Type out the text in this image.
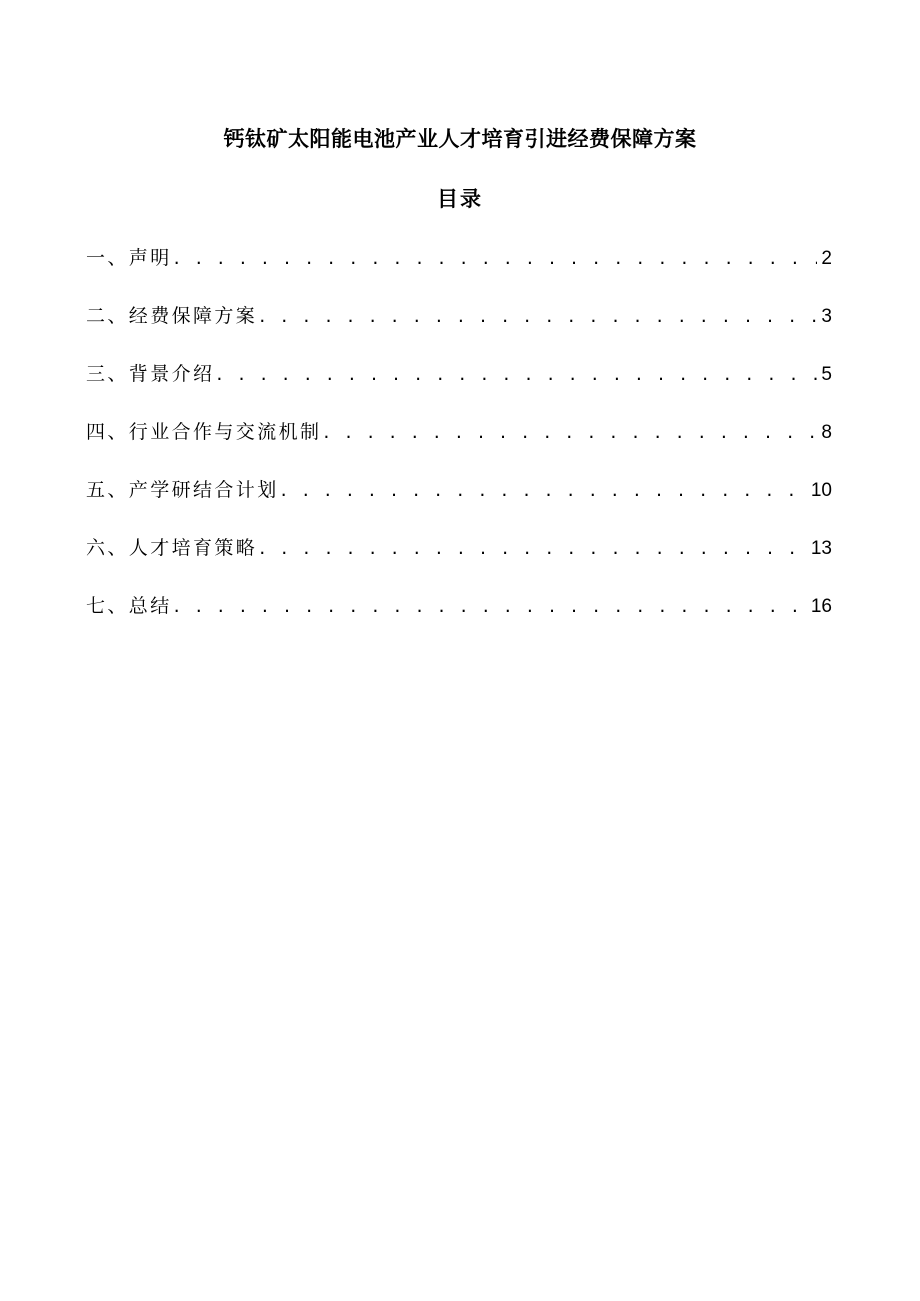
钙钛矿太阳能电池产业人才培育引进经费保障方案
目录
一、声明 . . .	2
二、经费保障方案 . . .	3
三、背景介绍 . . .	5
四、行业合作与交流机制 . . .	8
五、产学研结合计划 . . .	10
六、人才培育策略 . . .	13
七、总结 . . .	16
